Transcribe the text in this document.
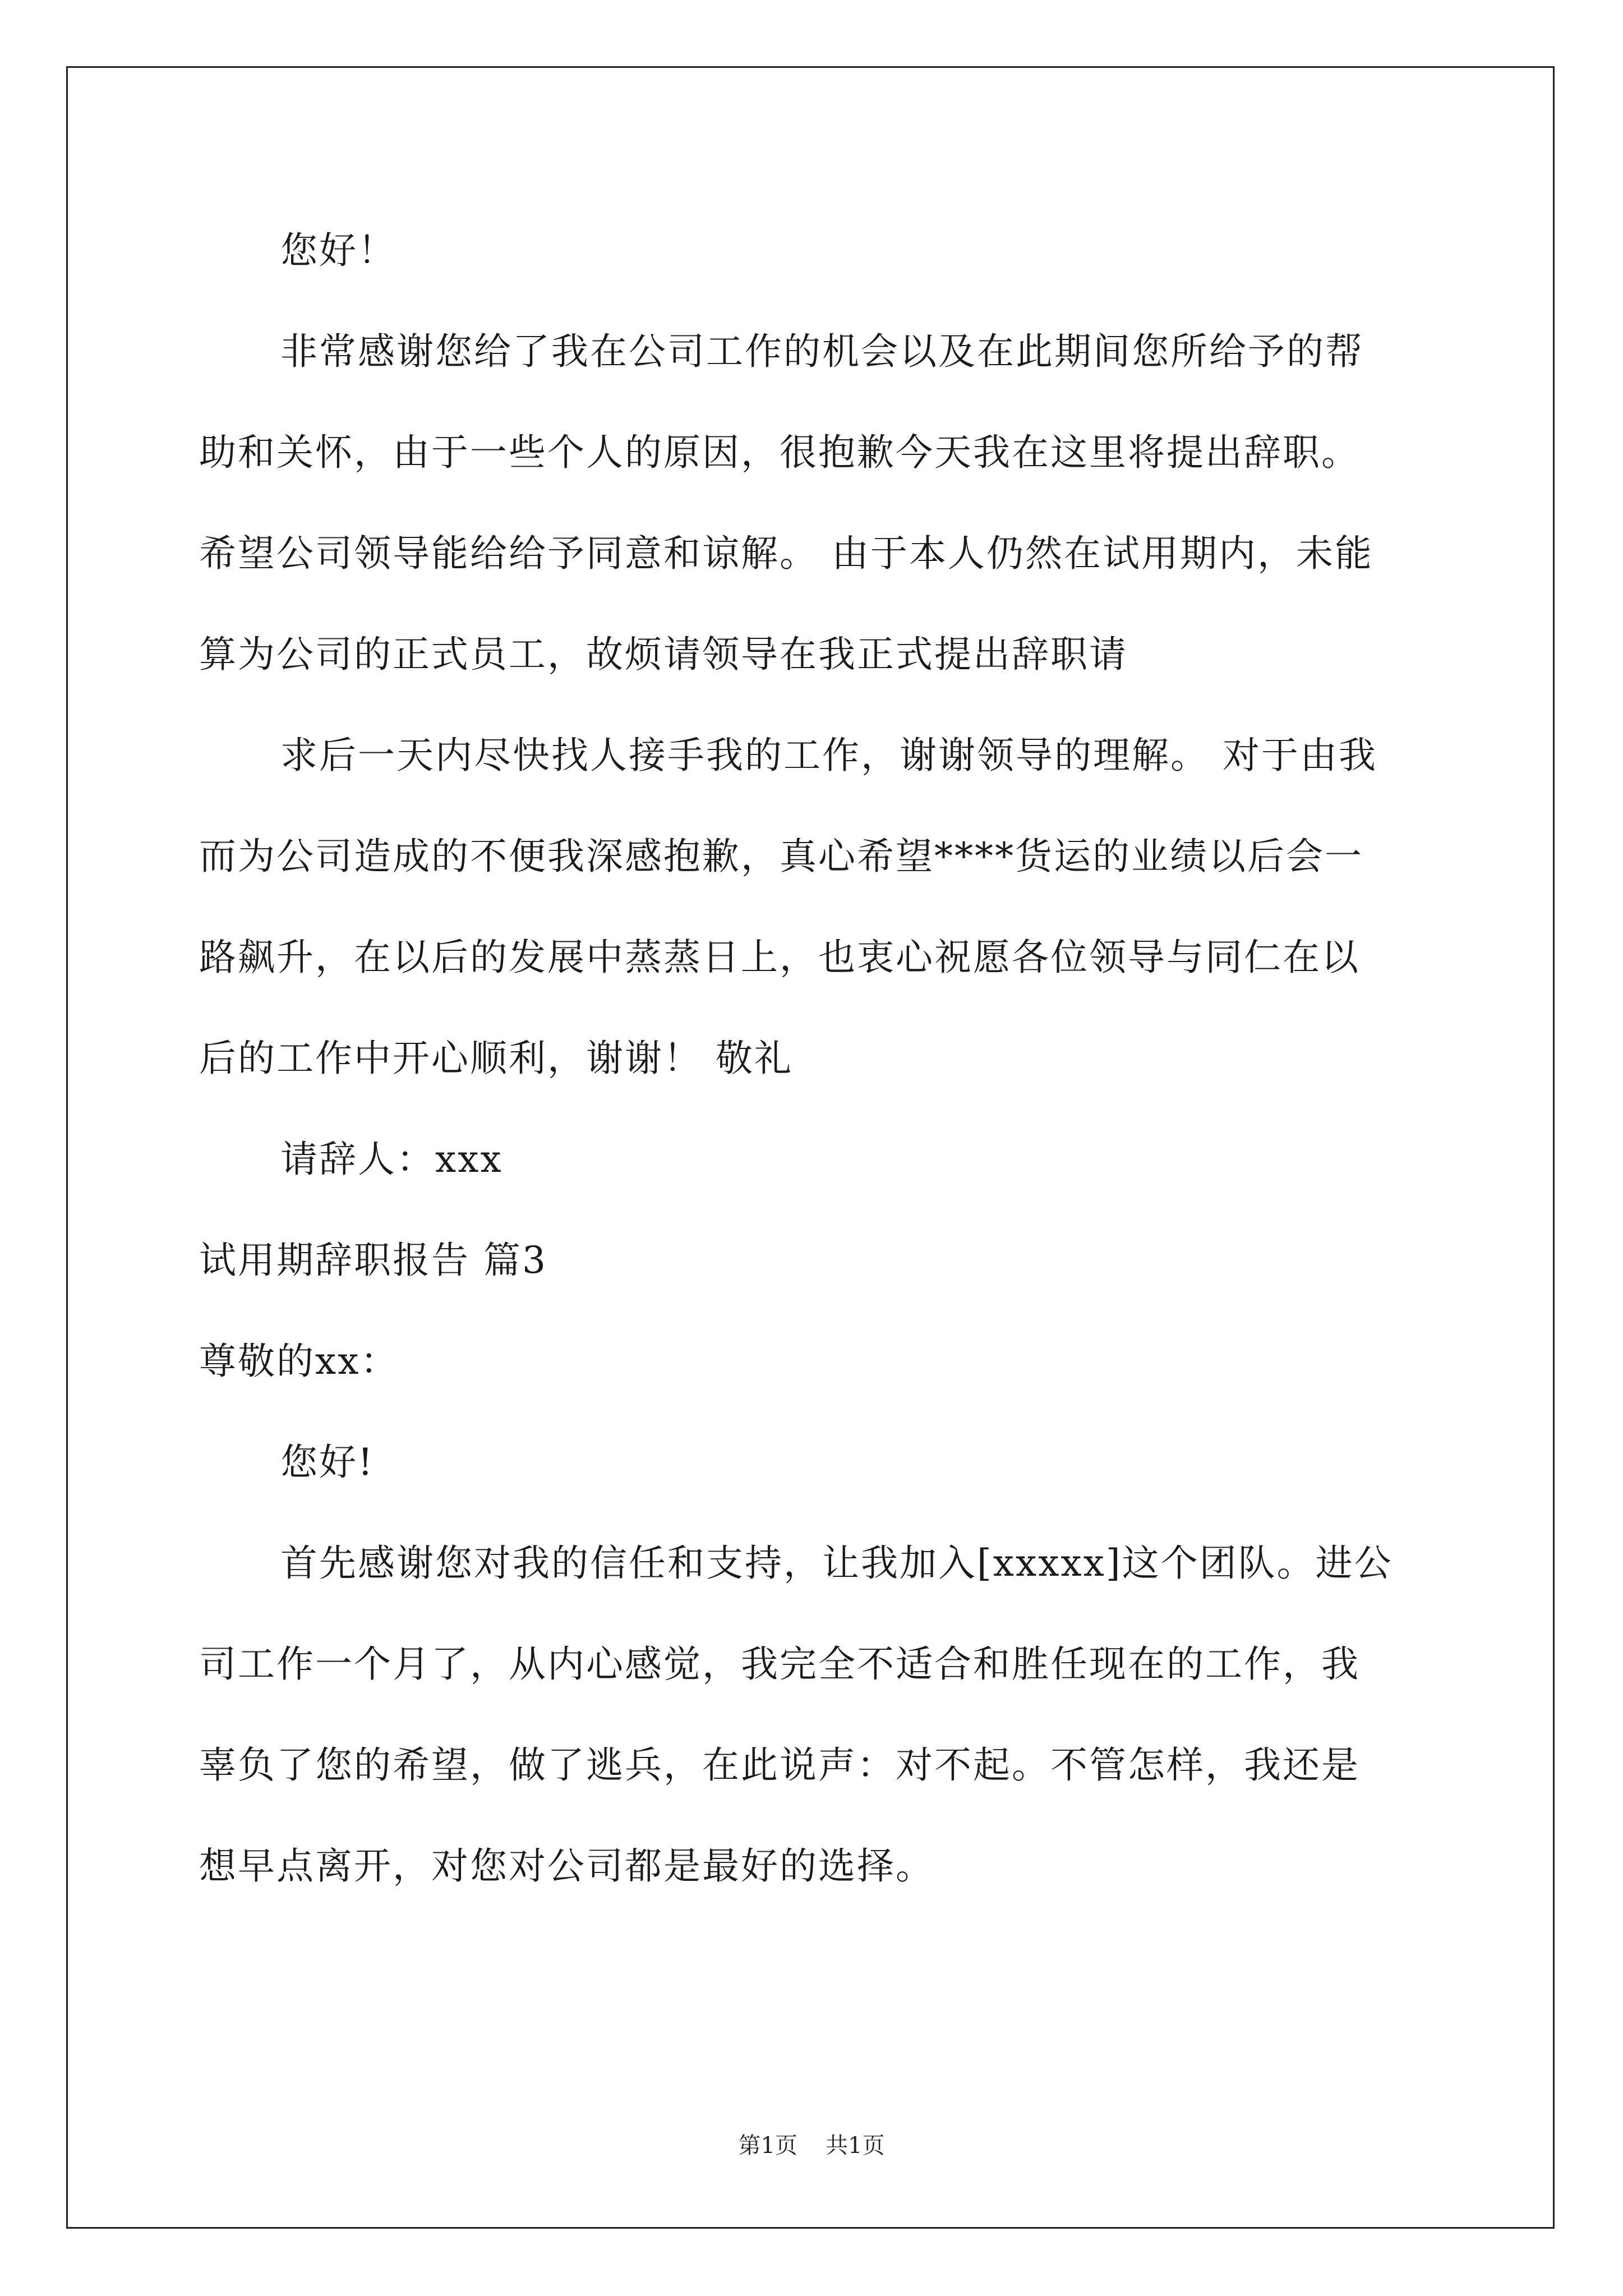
您好！
非常感谢您给了我在公司工作的机会以及在此期间您所给予的帮
助和关怀，由于一些个人的原因，很抱歉今天我在这里将提出辞职。
希望公司领导能给给予同意和谅解。 由于本人仍然在试用期内，未能
算为公司的正式员工，故烦请领导在我正式提出辞职请
求后一天内尽快找人接手我的工作，谢谢领导的理解。 对于由我
而为公司造成的不便我深感抱歉，真心希望****货运的业绩以后会一
路飙升，在以后的发展中蒸蒸日上，也衷心祝愿各位领导与同仁在以
后的工作中开心顺利，谢谢！ 敬礼
请辞人：xxx
试用期辞职报告 篇3
尊敬的xx：
您好!
首先感谢您对我的信任和支持，让我加入[xxxxx]这个团队。进公
司工作一个月了，从内心感觉，我完全不适合和胜任现在的工作，我
辜负了您的希望，做了逃兵，在此说声：对不起。不管怎样，我还是
想早点离开，对您对公司都是最好的选择。
第1页 共1页
